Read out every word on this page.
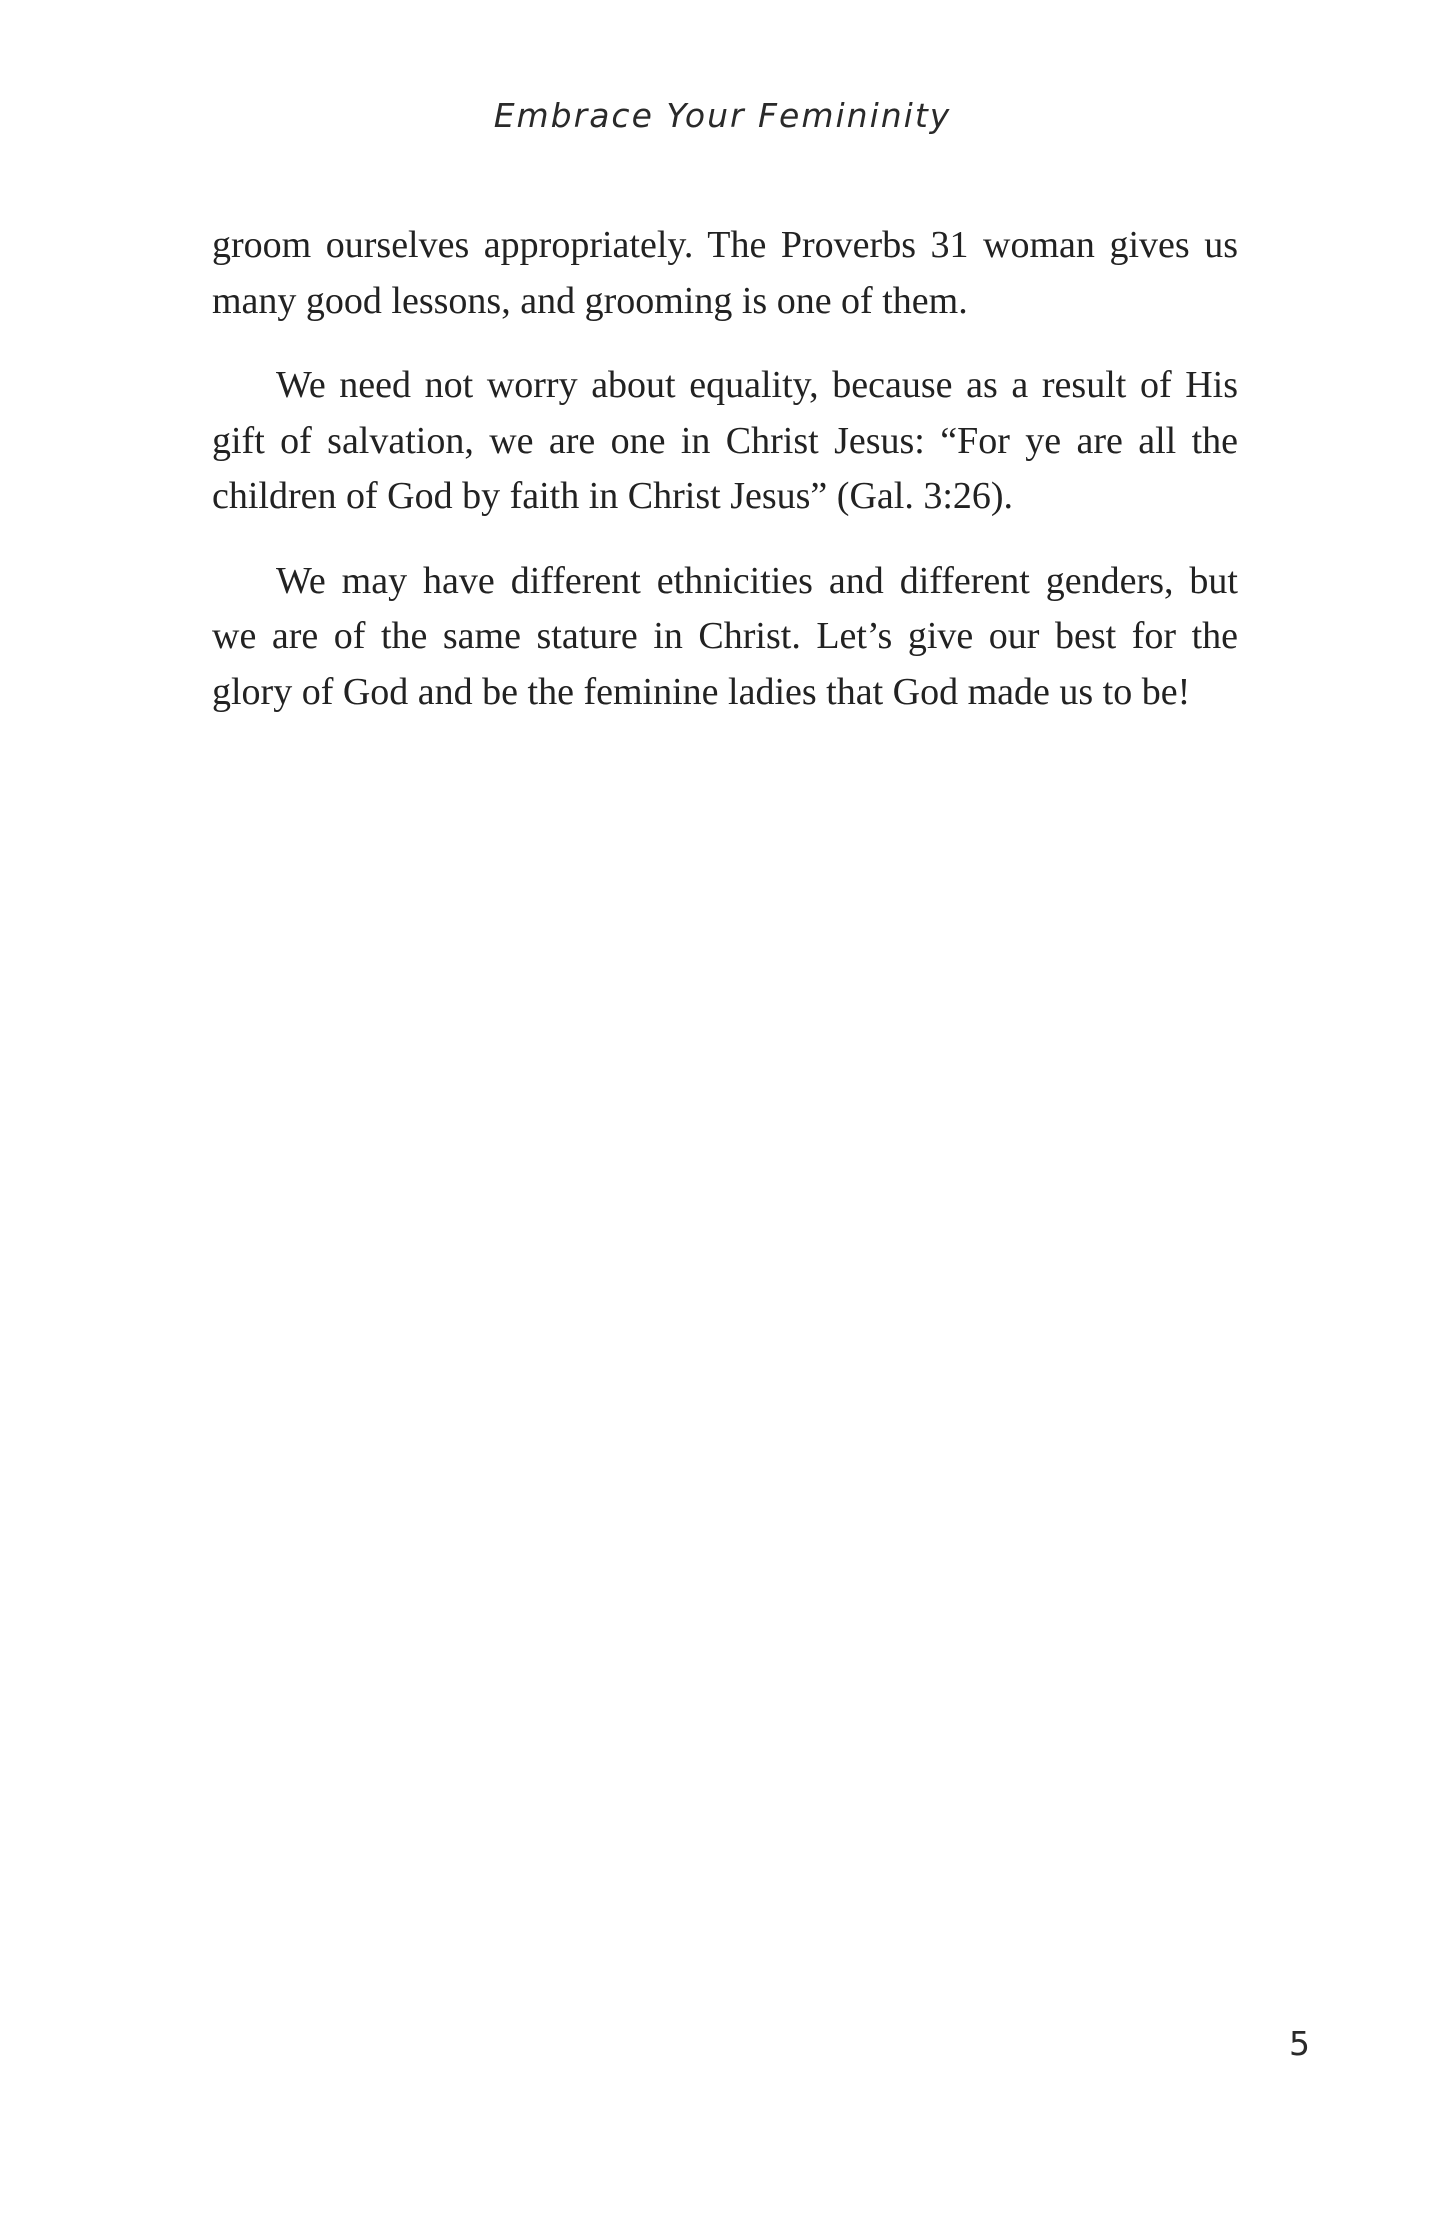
Embrace Your Femininity

groom ourselves appropriately. The Proverbs 31 woman gives us many good lessons, and grooming is one of them.

We need not worry about equality, because as a result of His gift of salvation, we are one in Christ Jesus: “For ye are all the children of God by faith in Christ Jesus” (Gal. 3:26).

We may have different ethnicities and different genders, but we are of the same stature in Christ. Let’s give our best for the glory of God and be the feminine ladies that God made us to be!

5
